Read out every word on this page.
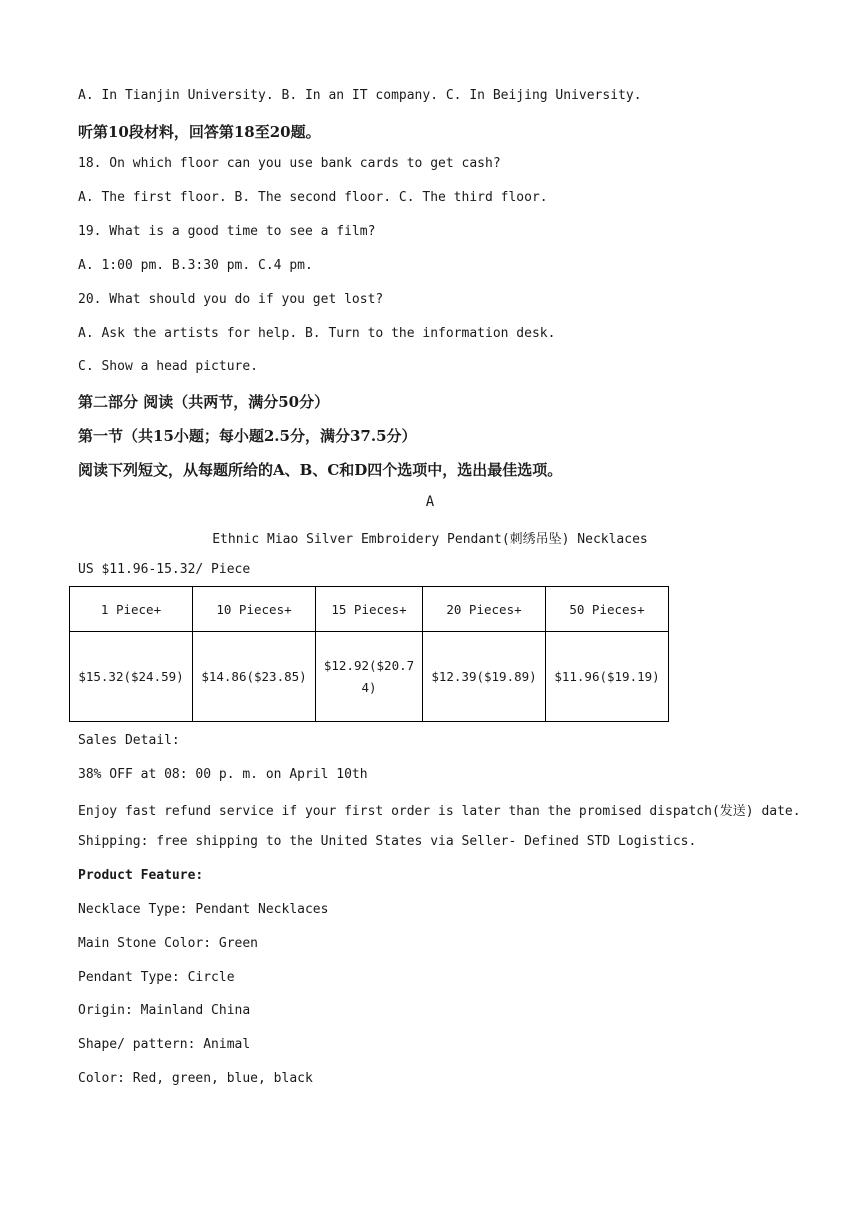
A. In Tianjin University. B. In an IT company. C. In Beijing University.
听第10段材料，回答第18至20题。
18. On which floor can you use bank cards to get cash?
A. The first floor. B. The second floor. C. The third floor.
19. What is a good time to see a film?
A. 1:00 pm. B.3:30 pm. C.4 pm.
20. What should you do if you get lost?
A. Ask the artists for help. B. Turn to the information desk.
C. Show a head picture.
第二部分 阅读（共两节，满分50分）
第一节（共15小题；每小题2.5分，满分37.5分）
阅读下列短文，从每题所给的A、B、C和D四个选项中，选出最佳选项。
A
Ethnic Miao Silver Embroidery Pendant(刺绣吊坠) Necklaces
US $11.96-15.32/ Piece
1 Piece+	10 Pieces+	15 Pieces+	20 Pieces+	50 Pieces+
$15.32($24.59)	$14.86($23.85)	$12.92($20.74)	$12.39($19.89)	$11.96($19.19)
Sales Detail:
38% OFF at 08: 00 p. m. on April 10th
Enjoy fast refund service if your first order is later than the promised dispatch(发送) date.
Shipping: free shipping to the United States via Seller- Defined STD Logistics.
Product Feature:
Necklace Type: Pendant Necklaces
Main Stone Color: Green
Pendant Type: Circle
Origin: Mainland China
Shape/ pattern: Animal
Color: Red, green, blue, black
